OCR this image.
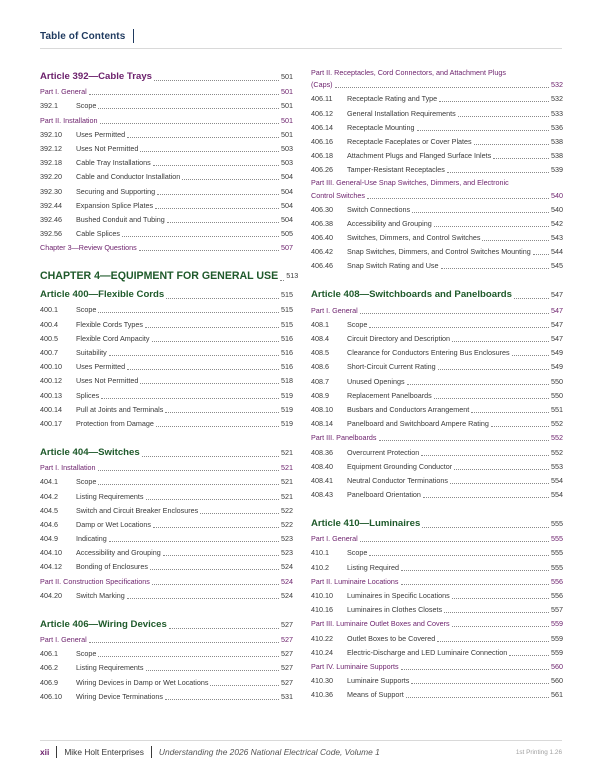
Table of Contents
Article 392—Cable Trays	501
Part I. General	501
392.1	Scope	501
Part II. Installation	501
392.10	Uses Permitted	501
392.12	Uses Not Permitted	503
392.18	Cable Tray Installations	503
392.20	Cable and Conductor Installation	504
392.30	Securing and Supporting	504
392.44	Expansion Splice Plates	504
392.46	Bushed Conduit and Tubing	504
392.56	Cable Splices	505
Chapter 3—Review Questions	507
CHAPTER 4—EQUIPMENT FOR GENERAL USE 513
Article 400—Flexible Cords	515
400.1	Scope	515
400.4	Flexible Cords Types	515
400.5	Flexible Cord Ampacity	516
400.7	Suitability	516
400.10	Uses Permitted	516
400.12	Uses Not Permitted	518
400.13	Splices	519
400.14	Pull at Joints and Terminals	519
400.17	Protection from Damage	519
Article 404—Switches	521
Part I. Installation	521
404.1	Scope	521
404.2	Listing Requirements	521
404.5	Switch and Circuit Breaker Enclosures	522
404.6	Damp or Wet Locations	522
404.9	Indicating	523
404.10	Accessibility and Grouping	523
404.12	Bonding of Enclosures	524
Part II. Construction Specifications	524
404.20	Switch Marking	524
Article 406—Wiring Devices	527
Part I. General	527
406.1	Scope	527
406.2	Listing Requirements	527
406.9	Wiring Devices in Damp or Wet Locations	527
406.10	Wiring Device Terminations	531
Part II. Receptacles, Cord Connectors, and Attachment Plugs
(Caps)	532
406.11	Receptacle Rating and Type	532
406.12	General Installation Requirements	533
406.14	Receptacle Mounting	536
406.16	Receptacle Faceplates or Cover Plates	538
406.18	Attachment Plugs and Flanged Surface Inlets	538
406.26	Tamper-Resistant Receptacles	539
Part III. General-Use Snap Switches, Dimmers, and Electronic
Control Switches	540
406.30	Switch Connections	540
406.38	Accessibility and Grouping	542
406.40	Switches, Dimmers, and Control Switches	543
406.42	Snap Switches, Dimmers, and Control Switches Mounting	544
406.46	Snap Switch Rating and Use	545
Article 408—Switchboards and Panelboards	547
Part I. General	547
408.1	Scope	547
408.4	Circuit Directory and Description	547
408.5	Clearance for Conductors Entering Bus Enclosures	549
408.6	Short-Circuit Current Rating	549
408.7	Unused Openings	550
408.9	Replacement Panelboards	550
408.10	Busbars and Conductors Arrangement	551
408.14	Panelboard and Switchboard Ampere Rating	552
Part III. Panelboards	552
408.36	Overcurrent Protection	552
408.40	Equipment Grounding Conductor	553
408.41	Neutral Conductor Terminations	554
408.43	Panelboard Orientation	554
Article 410—Luminaires	555
Part I. General	555
410.1	Scope	555
410.2	Listing Required	555
Part II. Luminaire Locations	556
410.10	Luminaires in Specific Locations	556
410.16	Luminaires in Clothes Closets	557
Part III. Luminaire Outlet Boxes and Covers	559
410.22	Outlet Boxes to be Covered	559
410.24	Electric-Discharge and LED Luminaire Connection	559
Part IV. Luminaire Supports	560
410.30	Luminaire Supports	560
410.36	Means of Support	561
xii Mike Holt Enterprises Understanding the 2026 National Electrical Code, Volume 1	1st Printing 1.26
